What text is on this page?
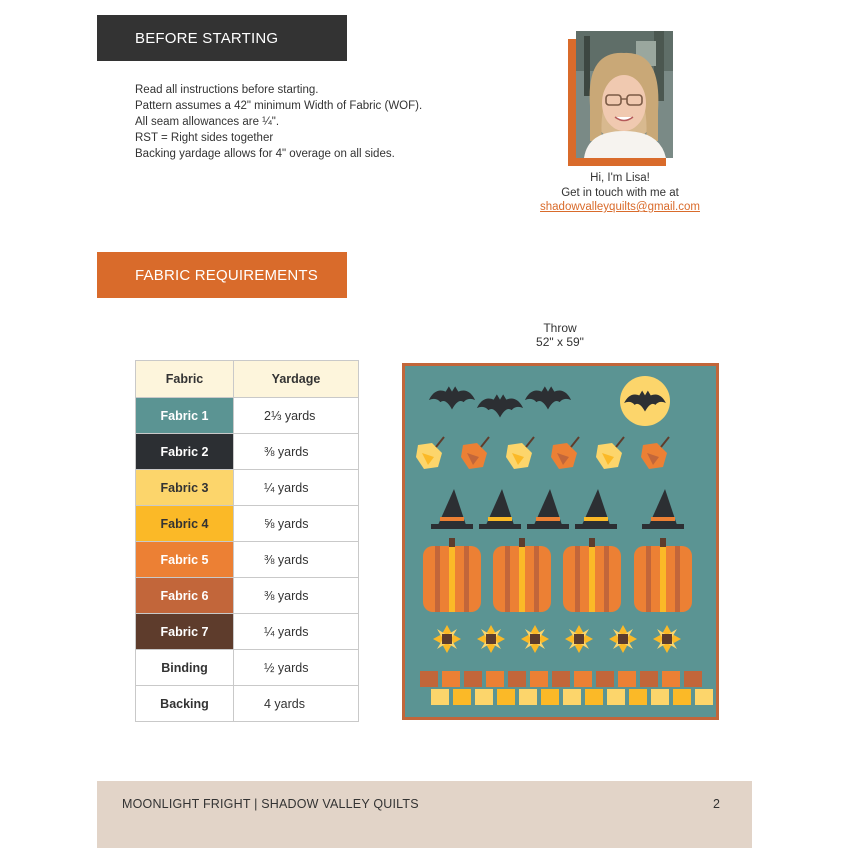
BEFORE STARTING
Read all instructions before starting.
Pattern assumes a 42" minimum Width of Fabric (WOF).
All seam allowances are ¼".
RST = Right sides together
Backing yardage allows for 4" overage on all sides.
Hi, I'm Lisa!
Get in touch with me at
shadowvalleyquilts@gmail.com
FABRIC REQUIREMENTS
Throw
52" x 59"
Fabric	Yardage
Fabric 1	2⅓ yards
Fabric 2	⅜ yards
Fabric 3	¼ yards
Fabric 4	⅝ yards
Fabric 5	⅜ yards
Fabric 6	⅜ yards
Fabric 7	¼ yards
Binding	½ yards
Backing	4 yards
MOONLIGHT FRIGHT | SHADOW VALLEY QUILTS	2
